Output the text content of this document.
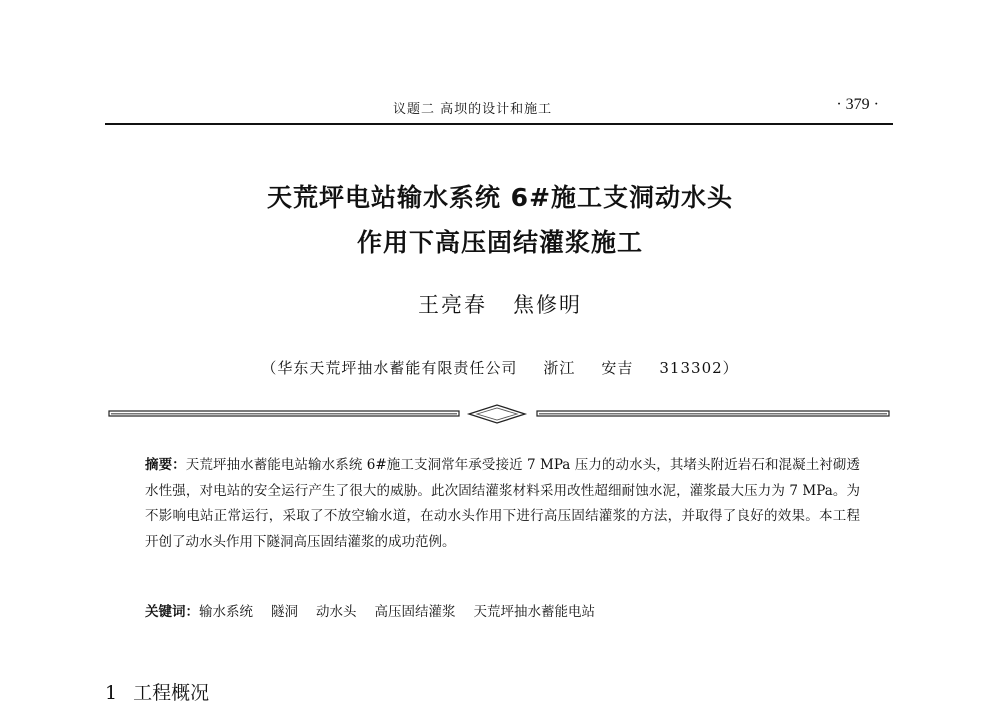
议题二 高坝的设计和施工	· 379 ·
天荒坪电站输水系统 6#施工支洞动水头
作用下高压固结灌浆施工
王亮春 焦修明
（华东天荒坪抽水蓄能有限责任公司 浙江 安吉 313302）
摘要：天荒坪抽水蓄能电站输水系统 6#施工支洞常年承受接近 7 MPa 压力的动水头，其堵头附近岩石和混凝土衬砌透水性强，对电站的安全运行产生了很大的威胁。此次固结灌浆材料采用改性超细耐蚀水泥，灌浆最大压力为 7 MPa。为不影响电站正常运行，采取了不放空输水道，在动水头作用下进行高压固结灌浆的方法，并取得了良好的效果。本工程开创了动水头作用下隧洞高压固结灌浆的成功范例。
关键词：输水系统 隧洞 动水头 高压固结灌浆 天荒坪抽水蓄能电站
1 工程概况
